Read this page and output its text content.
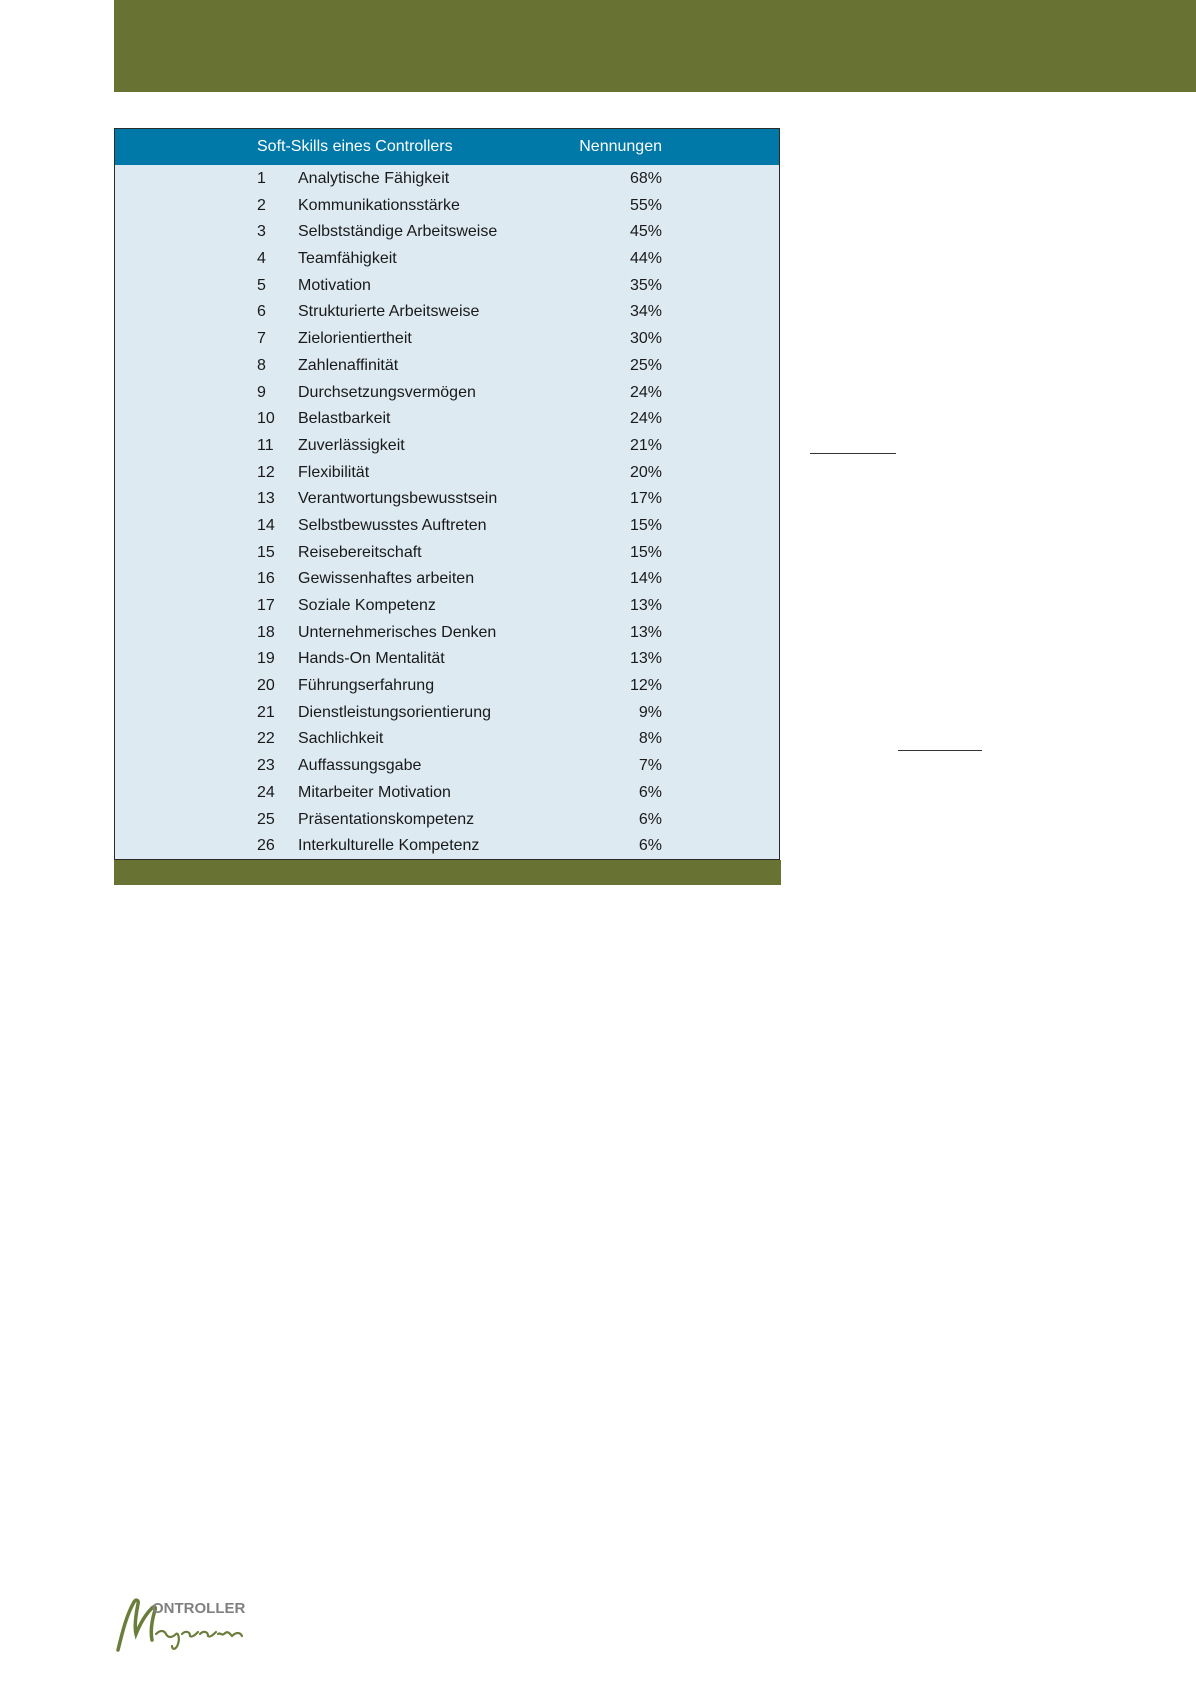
Soft-Skills eines Controllers	Nennungen
1 Analytische Fähigkeit	68%
2 Kommunikationsstärke	55%
3 Selbstständige Arbeitsweise	45%
4 Teamfähigkeit	44%
5 Motivation	35%
6 Strukturierte Arbeitsweise	34%
7 Zielorientiertheit	30%
8 Zahlenaffinität	25%
9 Durchsetzungsvermögen	24%
10 Belastbarkeit	24%
11 Zuverlässigkeit	21%
12 Flexibilität	20%
13 Verantwortungsbewusstsein	17%
14 Selbstbewusstes Auftreten	15%
15 Reisebereitschaft	15%
16 Gewissenhaftes arbeiten	14%
17 Soziale Kompetenz	13%
18 Unternehmerisches Denken	13%
19 Hands-On Mentalität	13%
20 Führungserfahrung	12%
21 Dienstleistungsorientierung	9%
22 Sachlichkeit	8%
23 Auffassungsgabe	7%
24 Mitarbeiter Motivation	6%
25 Präsentationskompetenz	6%
26 Interkulturelle Kompetenz	6%
ONTROLLER
